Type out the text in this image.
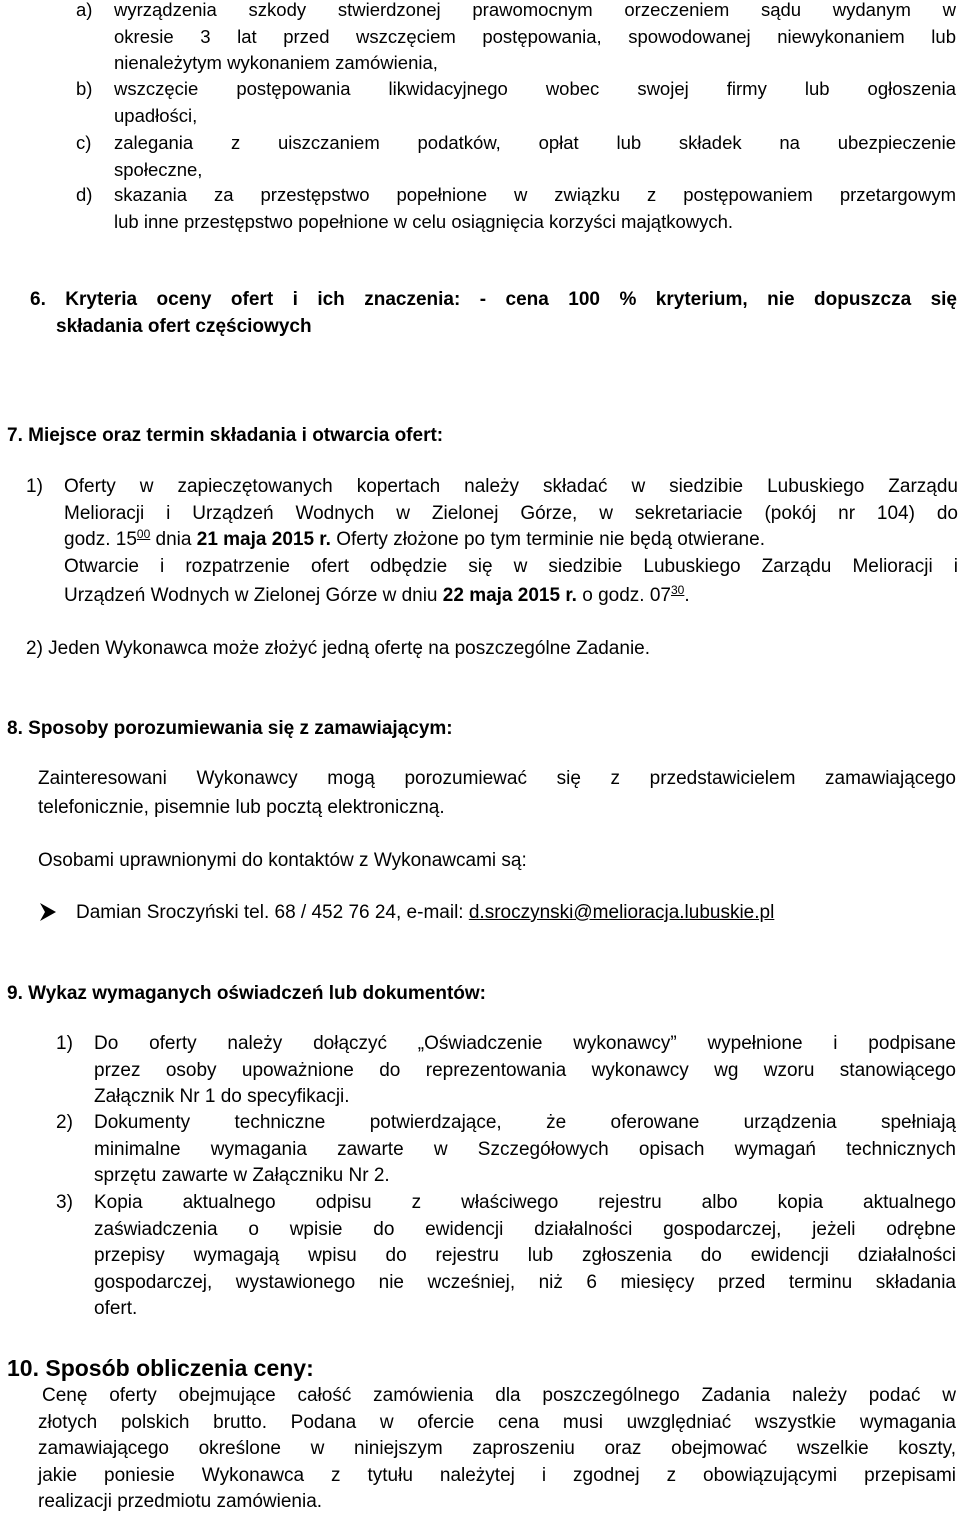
a) wyrządzenia szkody stwierdzonej prawomocnym orzeczeniem sądu wydanym w
okresie 3 lat przed wszczęciem postępowania, spowodowanej niewykonaniem lub
nienależytym wykonaniem zamówienia,
b) wszczęcie postępowania likwidacyjnego wobec swojej firmy lub ogłoszenia
upadłości,
c) zalegania z uiszczaniem podatków, opłat lub składek na ubezpieczenie
społeczne,
d) skazania za przestępstwo popełnione w związku z postępowaniem przetargowym
lub inne przestępstwo popełnione w celu osiągnięcia korzyści majątkowych.
6. Kryteria oceny ofert i ich znaczenia: - cena 100 % kryterium, nie dopuszcza się
składania ofert częściowych
7. Miejsce oraz termin składania i otwarcia ofert:
1) Oferty w zapieczętowanych kopertach należy składać w siedzibie Lubuskiego Zarządu
Melioracji i Urządzeń Wodnych w Zielonej Górze, w sekretariacie (pokój nr 104) do
godz. $15^{00}$ dnia 21 maja 2015 r. Oferty złożone po tym terminie nie będą otwierane.
Otwarcie i rozpatrzenie ofert odbędzie się w siedzibie Lubuskiego Zarządu Melioracji i
Urządzeń Wodnych w Zielonej Górze w dniu 22 maja 2015 r. o godz. $07^{30}$.
2) Jeden Wykonawca może złożyć jedną ofertę na poszczególne Zadanie.
8. Sposoby porozumiewania się z zamawiającym:
Zainteresowani Wykonawcy mogą porozumiewać się z przedstawicielem zamawiającego
telefonicznie, pisemnie lub pocztą elektroniczną.
Osobami uprawnionymi do kontaktów z Wykonawcami są:
Damian Sroczyński tel. 68 / 452 76 24, e-mail: d.sroczynski@melioracja.lubuskie.pl
9. Wykaz wymaganych oświadczeń lub dokumentów:
1) Do oferty należy dołączyć „Oświadczenie wykonawcy” wypełnione i podpisane
przez osoby upoważnione do reprezentowania wykonawcy wg wzoru stanowiącego
Załącznik Nr 1 do specyfikacji.
2) Dokumenty techniczne potwierdzające, że oferowane urządzenia spełniają
minimalne wymagania zawarte w Szczegółowych opisach wymagań technicznych
sprzętu zawarte w Załączniku Nr 2.
3) Kopia aktualnego odpisu z właściwego rejestru albo kopia aktualnego
zaświadczenia o wpisie do ewidencji działalności gospodarczej, jeżeli odrębne
przepisy wymagają wpisu do rejestru lub zgłoszenia do ewidencji działalności
gospodarczej, wystawionego nie wcześniej, niż 6 miesięcy przed terminu składania
ofert.
10. Sposób obliczenia ceny:
Cenę oferty obejmujące całość zamówienia dla poszczególnego Zadania należy podać w
złotych polskich brutto. Podana w ofercie cena musi uwzględniać wszystkie wymagania
zamawiającego określone w niniejszym zaproszeniu oraz obejmować wszelkie koszty,
jakie poniesie Wykonawca z tytułu należytej i zgodnej z obowiązującymi przepisami
realizacji przedmiotu zamówienia.
